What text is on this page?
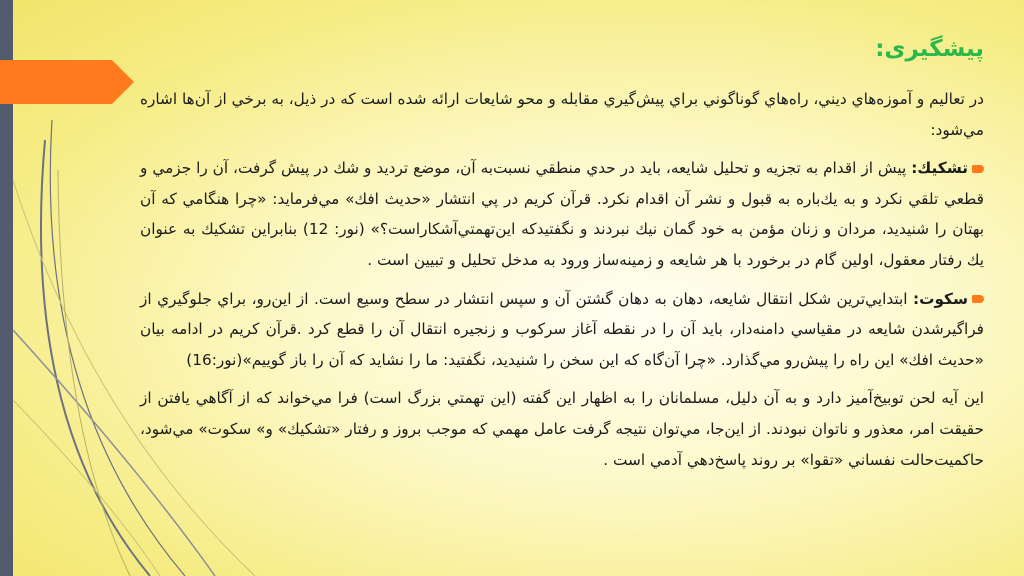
پیشگیری:

در تعاليم و آموزه‌هاي ديني، راه‌هاي گوناگوني براي پيش‌گيري مقابله و محو شايعات ارائه شده است كه در ذيل، به برخي از آن‌ها اشاره مي‌شود:

تشكيك: پيش از اقدام به تجزيه و تحليل شايعه، بايد در حدي منطقي نسبت‌به آن، موضع ترديد و شك در پيش گرفت، آن را جزمي و قطعي تلقي نكرد و به يك‌باره به قبول و نشر آن اقدام نكرد. قرآن كريم در پي انتشار «حديث افك» مي‌فرمايد: «چرا هنگامي كه آن بهتان را شنيديد، مردان و زنان مؤمن به خود گمان نيك نبردند و نگفتيدكه اين‌تهمتي‌آشكاراست؟» (نور: 12) بنابراين تشكيك به عنوان يك رفتار معقول، اولين گام در برخورد با هر شايعه و زمينه‌ساز ورود به مدخل تحليل و تبيين است .

سكوت: ابتدايي‌ترين شكل انتقال شايعه، دهان به دهان گشتن آن و سپس انتشار در سطح وسيع است. از اين‌رو، براي جلوگيري از فراگيرشدن شايعه در مقياسي دامنه‌دار، بايد آن را در نقطه آغاز سركوب و زنجيره انتقال آن را قطع كرد .قرآن كريم در ادامه بيان «حديث افك» اين راه را پيش‌رو مي‌گذارد. «چرا آن‌گاه كه اين سخن را شنيديد، نگفتيد: ما را نشايد كه آن را باز گوييم»(نور:16)

اين آيه لحن توبيخ‌آميز دارد و به آن دليل، مسلمانان را به اظهار اين گفته (اين تهمتي بزرگ است) فرا مي‌خواند كه از آگاهي يافتن از حقيقت امر، معذور و ناتوان نبودند. از اين‌جا، مي‌توان نتيجه گرفت عامل مهمي كه موجب بروز و رفتار «تشكيك» و» سكوت» مي‌شود، حاكميت‌حالت نفساني «تقوا» بر روند پاسخ‌دهي آدمي است .
